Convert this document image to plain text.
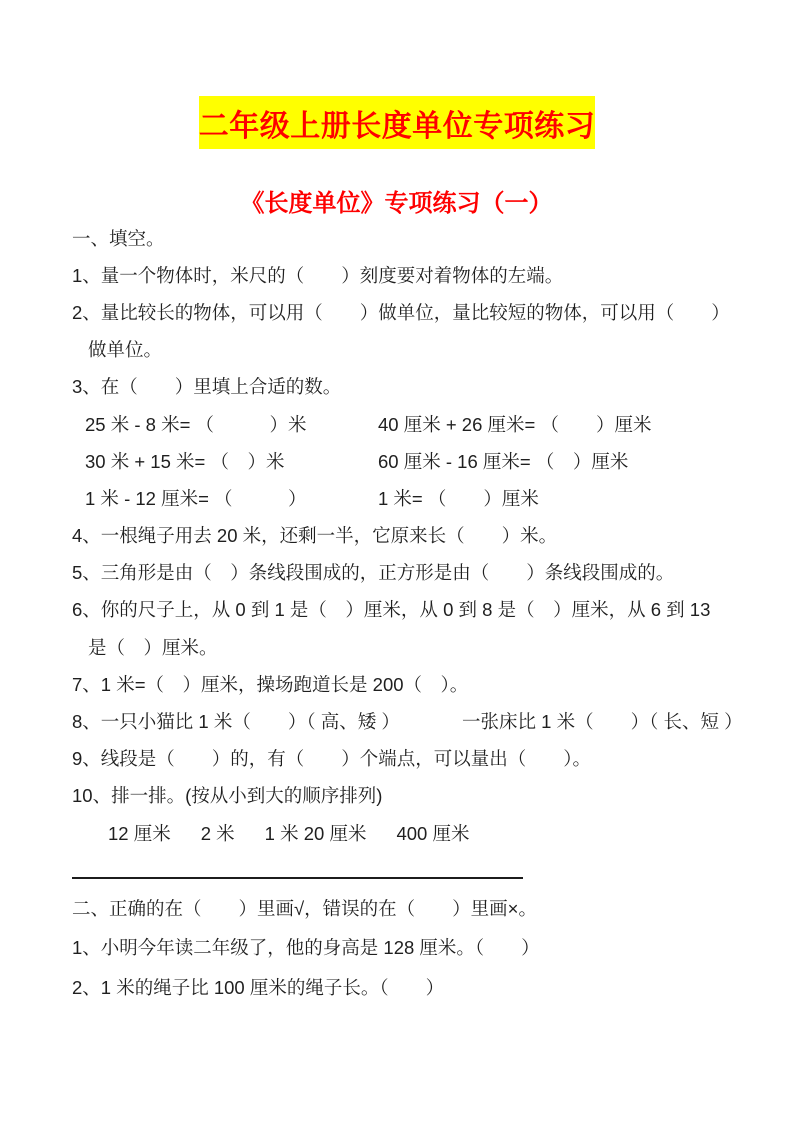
二年级上册长度单位专项练习
《长度单位》专项练习（一）
一、填空。
1、量一个物体时，米尺的（　　）刻度要对着物体的左端。
2、量比较长的物体，可以用（　　）做单位，量比较短的物体，可以用（　　）
做单位。
3、在（　　）里填上合适的数。
25 米 - 8 米= （　　　）米	40 厘米 + 26 厘米= （　　）厘米
30 米 + 15 米= （　）米	60 厘米 - 16 厘米= （　）厘米
1 米 - 12 厘米= （　　　）	1 米= （　　）厘米
4、一根绳子用去 20 米，还剩一半，它原来长（　　）米。
5、三角形是由（　）条线段围成的，正方形是由（　　）条线段围成的。
6、你的尺子上，从 0 到 1 是（　）厘米，从 0 到 8 是（　）厘米，从 6 到 13
是（　）厘米。
7、1 米=（　）厘米，操场跑道长是 200（　）。
8、一只小猫比 1 米（　　）（ 高、矮 ）	一张床比 1 米（　　）（ 长、短 ）
9、线段是（　　）的，有（　　）个端点，可以量出（　　）。
10、排一排。(按从小到大的顺序排列)
12 厘米 2 米 1 米 20 厘米 400 厘米
二、正确的在（　　）里画√，错误的在（　　）里画×。
1、小明今年读二年级了，他的身高是 128 厘米。（　　）
2、1 米的绳子比 100 厘米的绳子长。（　　）
